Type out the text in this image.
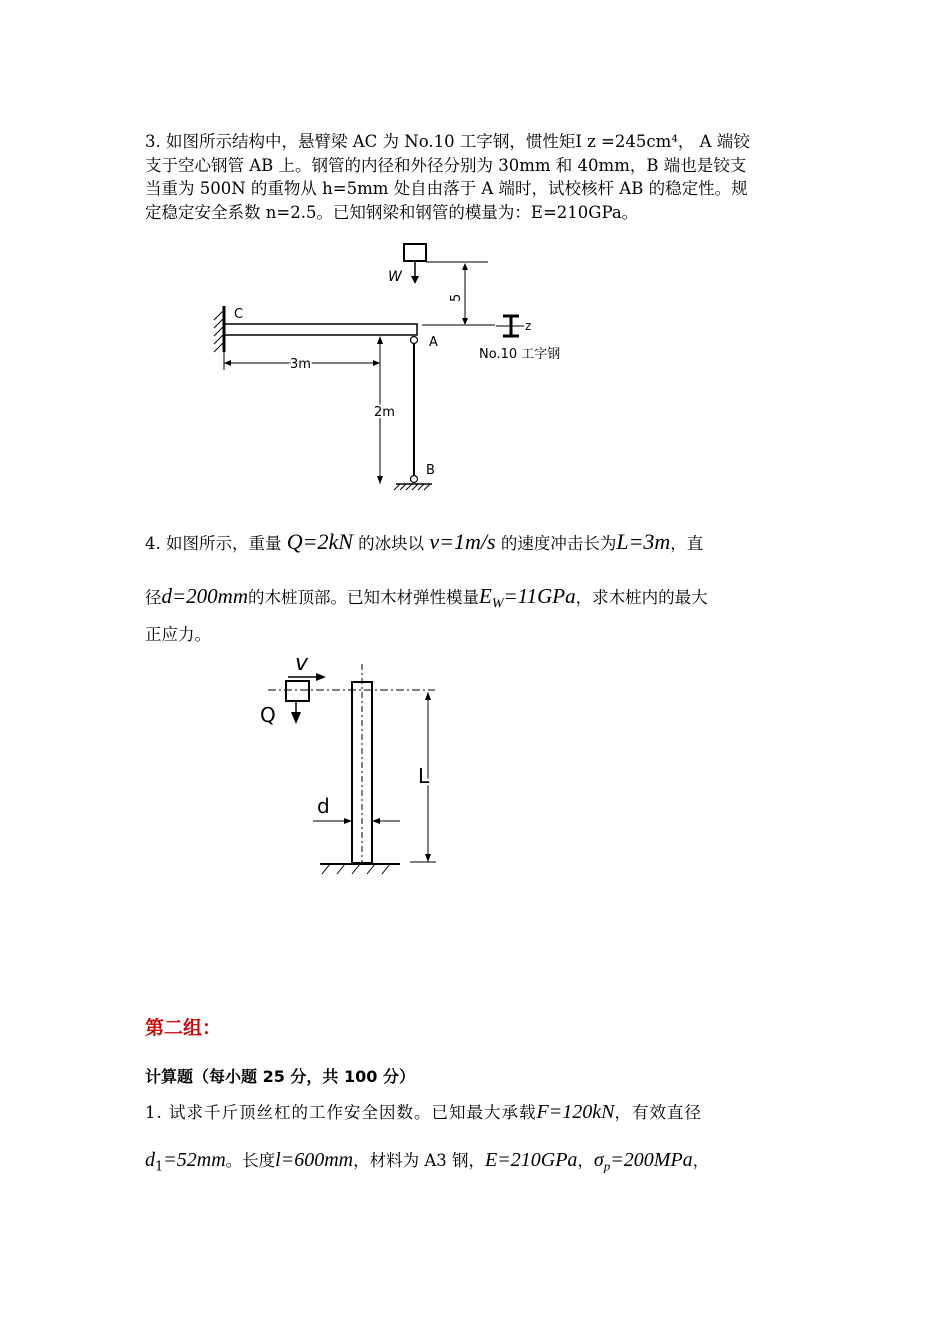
3. 如图所示结构中，悬臂梁 AC 为 No.10 工字钢，惯性矩I z =245cm⁴， A 端铰
支于空心钢管 AB 上。钢管的内径和外径分别为 30mm 和 40mm，B 端也是铰支
当重为 500N 的重物从 h=5mm 处自由落于 A 端时，试校核杆 AB 的稳定性。规
定稳定安全系数 n=2.5。已知钢梁和钢管的模量为：E=210GPa。
W
5
C
A
B
3m
2m
z
No.10 工字钢
4. 如图所示，重量 Q=2kN 的冰块以 v=1m/s 的速度冲击长为L=3m，直
径d=200mm的木桩顶部。已知木材弹性模量$E_W=11GPa$，求木桩内的最大
正应力。
v
Q
d
L
第二组：
计算题（每小题 25 分，共 100 分）
1. 试求千斤顶丝杠的工作安全因数。已知最大承载F=120kN，有效直径
$d_1=52mm$。长度l=600mm，材料为 A3 钢，E=210GPa，$\sigma_p=200MPa$，
